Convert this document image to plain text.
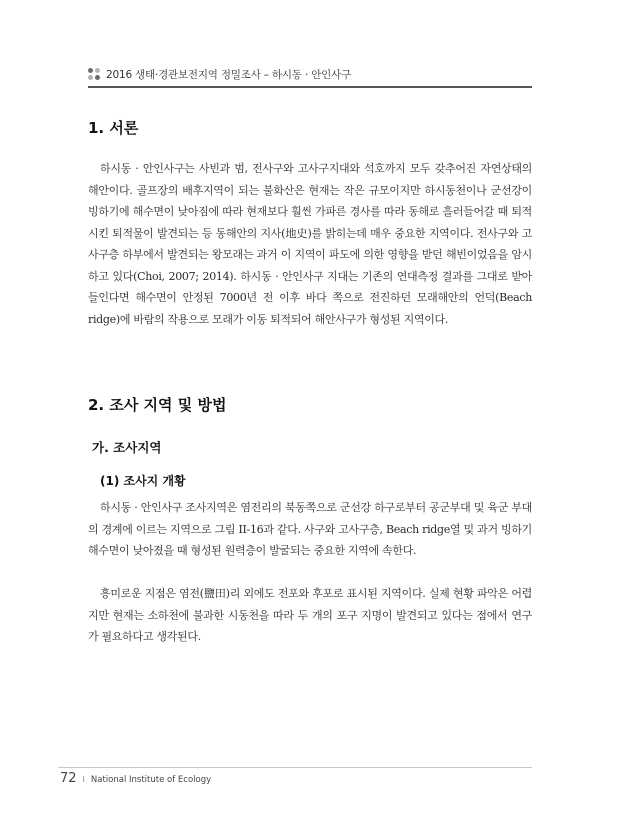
2016 생태·경관보전지역 정밀조사 – 하시동 · 안인사구
1. 서론

하시동 · 안인사구는 사빈과 범, 전사구와 고사구지대와 석호까지 모두 갖추어진 자연상태의 해안이다. 골프장의 배후지역이 되는 불화산은 현재는 작은 규모이지만 하시동천이나 군선강이 빙하기에 해수면이 낮아짐에 따라 현재보다 훨씬 가파른 경사를 따라 동해로 흘러들어갈 때 퇴적시킨 퇴적물이 발견되는 등 동해안의 지사(地史)를 밝히는데 매우 중요한 지역이다. 전사구와 고사구층 하부에서 발견되는 왕모래는 과거 이 지역이 파도에 의한 영향을 받던 해빈이었음을 암시하고 있다(Choi, 2007; 2014). 하시동 · 안인사구 지대는 기존의 연대측정 결과를 그대로 받아들인다면 해수면이 안정된 7000년 전 이후 바다 쪽으로 전진하던 모래해안의 언덕(Beach ridge)에 바람의 작용으로 모래가 이동 퇴적되어 해안사구가 형성된 지역이다.

2. 조사 지역 및 방법
가. 조사지역
(1) 조사지 개황

하시동 · 안인사구 조사지역은 염전리의 북동쪽으로 군선강 하구로부터 공군부대 및 육군 부대의 경계에 이르는 지역으로 그림 II-16과 같다. 사구와 고사구층, Beach ridge열 및 과거 빙하기 해수면이 낮아졌을 때 형성된 원력층이 발굴되는 중요한 지역에 속한다.

흥미로운 지점은 염전(鹽田)리 외에도 전포와 후포로 표시된 지역이다. 실제 현황 파악은 어렵지만 현재는 소하천에 불과한 시동천을 따라 두 개의 포구 지명이 발견되고 있다는 점에서 연구가 필요하다고 생각된다.

72 I National Institute of Ecology
